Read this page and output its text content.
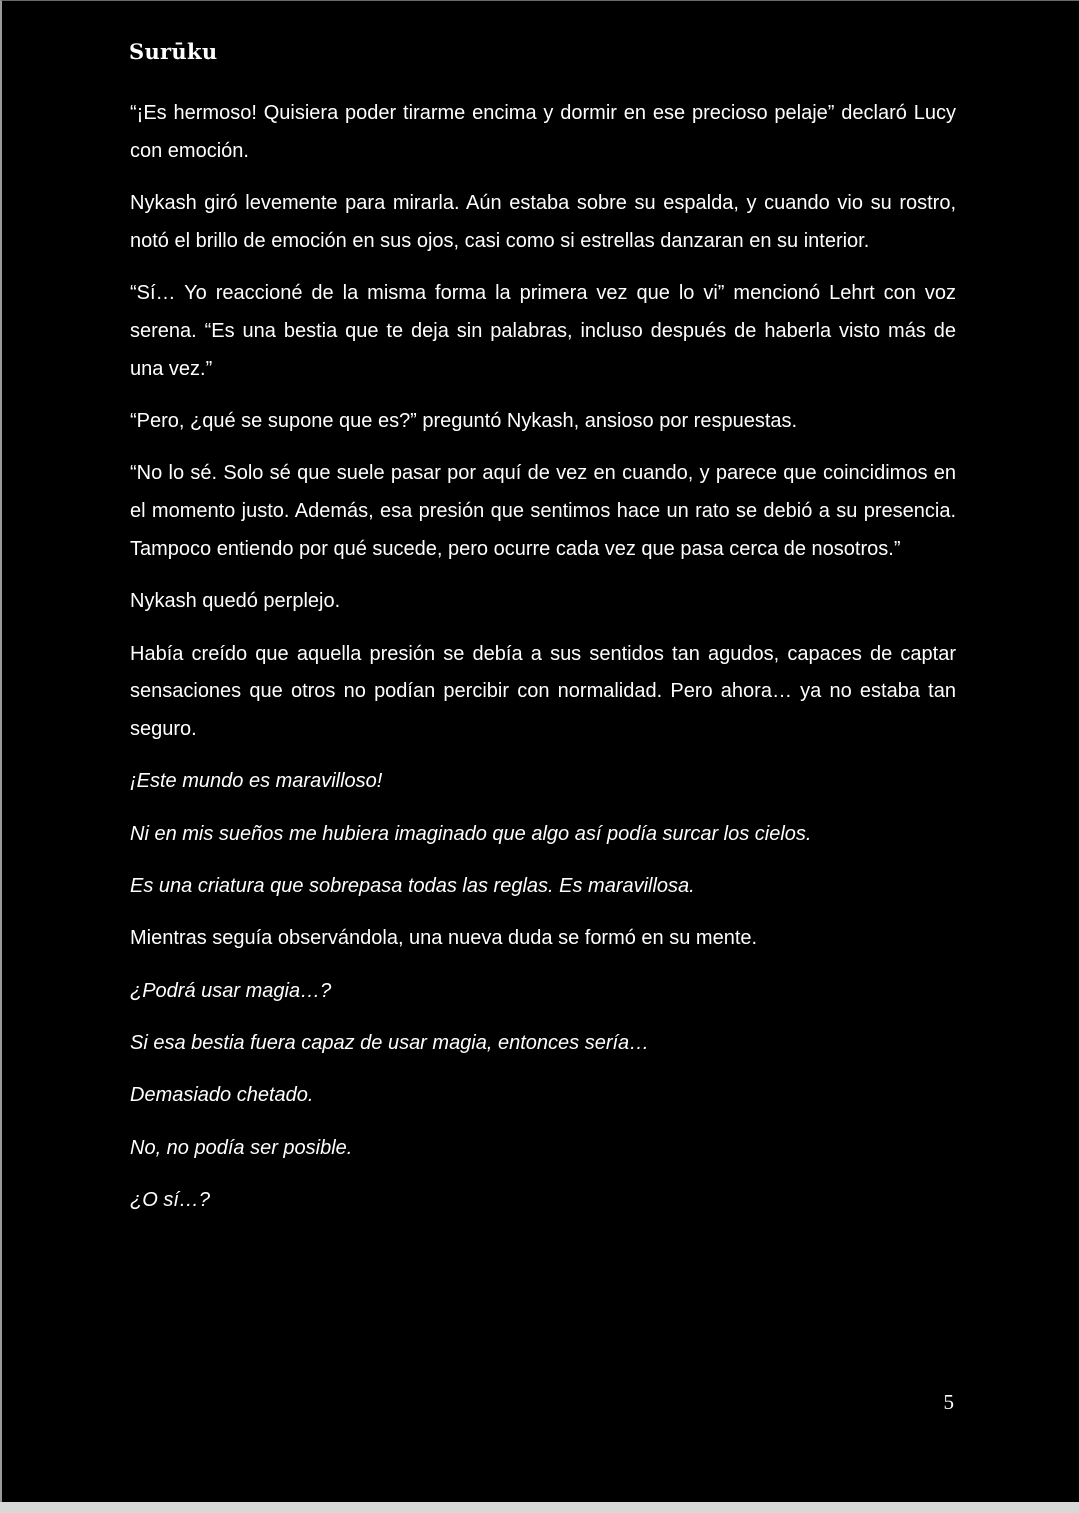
Surūku

“¡Es hermoso! Quisiera poder tirarme encima y dormir en ese precioso pelaje” declaró Lucy con emoción.

Nykash giró levemente para mirarla. Aún estaba sobre su espalda, y cuando vio su rostro, notó el brillo de emoción en sus ojos, casi como si estrellas danzaran en su interior.

“Sí… Yo reaccioné de la misma forma la primera vez que lo vi” mencionó Lehrt con voz serena. “Es una bestia que te deja sin palabras, incluso después de haberla visto más de una vez.”

“Pero, ¿qué se supone que es?” preguntó Nykash, ansioso por respuestas.

“No lo sé. Solo sé que suele pasar por aquí de vez en cuando, y parece que coincidimos en el momento justo. Además, esa presión que sentimos hace un rato se debió a su presencia. Tampoco entiendo por qué sucede, pero ocurre cada vez que pasa cerca de nosotros.”

Nykash quedó perplejo.

Había creído que aquella presión se debía a sus sentidos tan agudos, capaces de captar sensaciones que otros no podían percibir con normalidad. Pero ahora… ya no estaba tan seguro.

¡Este mundo es maravilloso!

Ni en mis sueños me hubiera imaginado que algo así podía surcar los cielos.

Es una criatura que sobrepasa todas las reglas. Es maravillosa.

Mientras seguía observándola, una nueva duda se formó en su mente.

¿Podrá usar magia…?

Si esa bestia fuera capaz de usar magia, entonces sería…

Demasiado chetado.

No, no podía ser posible.

¿O sí…?

5
